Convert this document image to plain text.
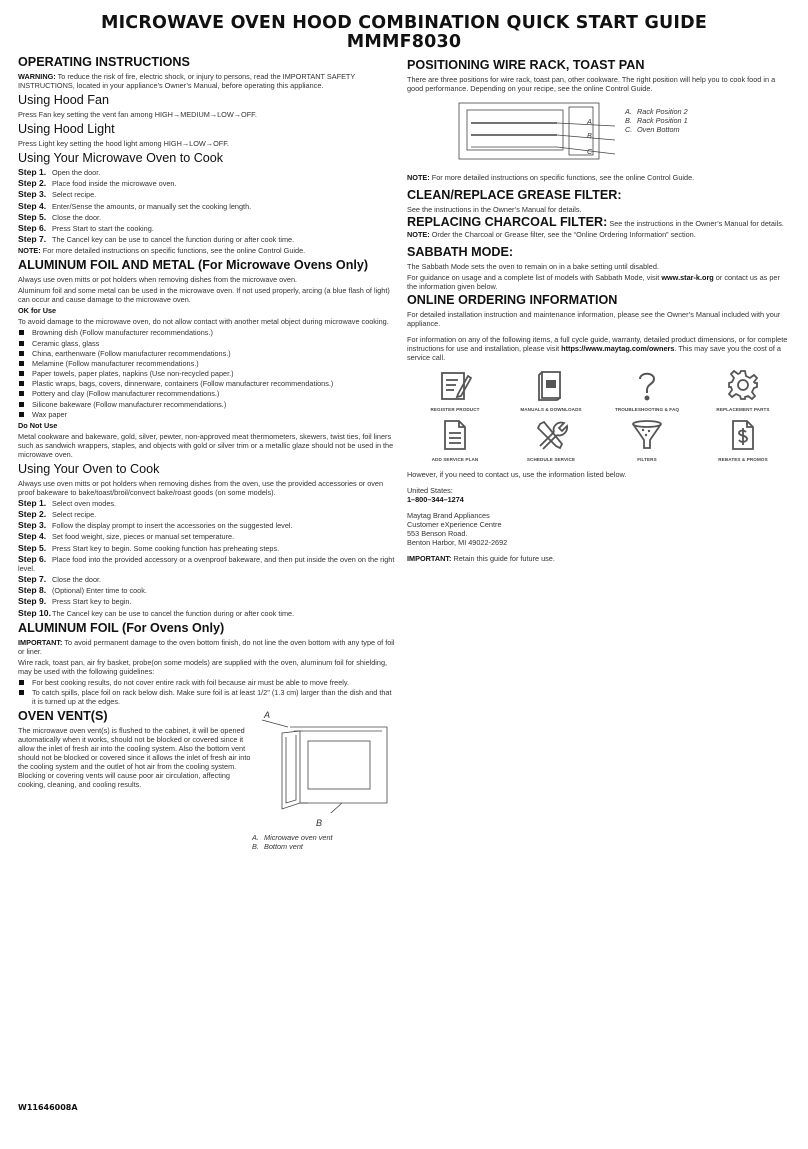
MICROWAVE OVEN HOOD COMBINATION QUICK START GUIDE
MMMF8030
OPERATING INSTRUCTIONS

WARNING: To reduce the risk of fire, electric shock, or injury to persons, read the IMPORTANT SAFETY INSTRUCTIONS, located in your appliance’s Owner’s Manual, before operating this appliance.

Using Hood Fan

Press Fan key setting the vent fan among HIGH→MEDIUM→LOW→OFF.

Using Hood Light

Press Light key setting the hood light among HIGH→LOW→OFF.

Using Your Microwave Oven to Cook
Step 1. Open the door.
Step 2. Place food inside the microwave oven.
Step 3. Select recipe.
Step 4. Enter/Sense the amounts, or manually set the cooking length.
Step 5. Close the door.
Step 6. Press Start to start the cooking.
Step 7. The Cancel key can be use to cancel the function during or after cook time.

NOTE: For more detailed instructions on specific functions, see the online Control Guide.

ALUMINUM FOIL AND METAL (For Microwave Ovens Only)

Always use oven mitts or pot holders when removing dishes from the microwave oven.

Aluminum foil and some metal can be used in the microwave oven. If not used properly, arcing (a blue flash of light) can occur and cause damage to the microwave oven.

OK for Use

To avoid damage to the microwave oven, do not allow contact with another metal object during microwave cooking.

Browning dish (Follow manufacturer recommendations.)
Ceramic glass, glass
China, earthenware (Follow manufacturer recommendations.)
Melamine (Follow manufacturer recommendations.)
Paper towels, paper plates, napkins (Use non-recycled paper.)
Plastic wraps, bags, covers, dinnerware, containers (Follow manufacturer recommendations.)
Pottery and clay (Follow manufacturer recommendations.)
Silicone bakeware (Follow manufacturer recommendations.)
Wax paper
Do Not Use

Metal cookware and bakeware, gold, silver, pewter, non-approved meat thermometers, skewers, twist ties, foil liners such as sandwich wrappers, staples, and objects with gold or silver trim or a metallic glaze should not be used in the microwave oven.

Using Your Oven to Cook

Always use oven mitts or pot holders when removing dishes from the oven, use the provided accessories or oven proof bakeware to bake/toast/broil/convect bake/roast goods (on some models).

Step 1. Select oven modes.
Step 2. Select recipe.
Step 3. Follow the display prompt to insert the accessories on the suggested level.
Step 4. Set food weight, size, pieces or manual set temperature.
Step 5. Press Start key to begin. Some cooking function has preheating steps.
Step 6. Place food into the provided accessory or a ovenproof bakeware, and then put inside the oven on the right level.
Step 7. Close the door.
Step 8. (Optional) Enter time to cook.
Step 9. Press Start key to begin.
Step 10.The Cancel key can be use to cancel the function during or after cook time.
ALUMINUM FOIL (For Ovens Only)

IMPORTANT: To avoid permanent damage to the oven bottom finish, do not line the oven bottom with any type of foil or liner.

Wire rack, toast pan, air fry basket, probe(on some models) are supplied with the oven, aluminum foil for shielding, may be used with the following guidelines:

For best cooking results, do not cover entire rack with foil because air must be able to move freely.
To catch spills, place foil on rack below dish. Make sure foil is at least 1/2" (1.3 cm) larger than the dish and that it is turned up at the edges.
OVEN VENT(S)

The microwave oven vent(s) is flushed to the cabinet, it will be opened automatically when it works, should not be blocked or covered since it allow the inlet of fresh air into the cooling system. Also the bottom vent should not be blocked or covered since it allows the inlet of fresh air into the cooling system and the outlet of hot air from the cooling system. Blocking or covering vents will cause poor air circulation, affecting cooking, cleaning, and cooling results.

A
B
A. Microwave oven vent
B. Bottom vent
POSITIONING WIRE RACK, TOAST PAN

There are three positions for wire rack, toast pan, other cookware. The right position will help you to cook food in a good performance. Depending on your recipe, see the online Control Guide.

A
B
C
A. Rack Position 2
B. Rack Position 1
C. Oven Bottom

NOTE: For more detailed instructions on specific functions, see the online Control Guide.

CLEAN/REPLACE GREASE FILTER:

See the instructions in the Owner’s Manual for details.

REPLACING CHARCOAL FILTER: See the instructions in the Owner’s Manual for details.

NOTE: Order the Charcoal or Grease filter, see the “Online Ordering Information” section.

SABBATH MODE:

The Sabbath Mode sets the oven to remain on in a bake setting until disabled.

For guidance on usage and a complete list of models with Sabbath Mode, visit www.star-k.org or contact us as per the information given below.

ONLINE ORDERING INFORMATION

For detailed installation instruction and maintenance information, please see the Owner’s Manual included with your appliance.

For information on any of the following items, a full cycle guide, warranty, detailed product dimensions, or for complete instructions for use and installation, please visit https://www.maytag.com/owners. This may save you the cost of a service call.

REGISTER PRODUCT	MANUALS & DOWNLOADS	TROUBLESHOOTING & FAQ	REPLACEMENT PARTS
ADD SERVICE PLAN	SCHEDULE SERVICE	FILTERS	REBATES & PROMOS

However, if you need to contact us, use the information listed below.

United States:

1–800–344–1274

Maytag Brand Appliances

Customer eXperience Centre

553 Benson Road.

Benton Harbor, MI 49022-2692

IMPORTANT: Retain this guide for future use.

W11646008A
